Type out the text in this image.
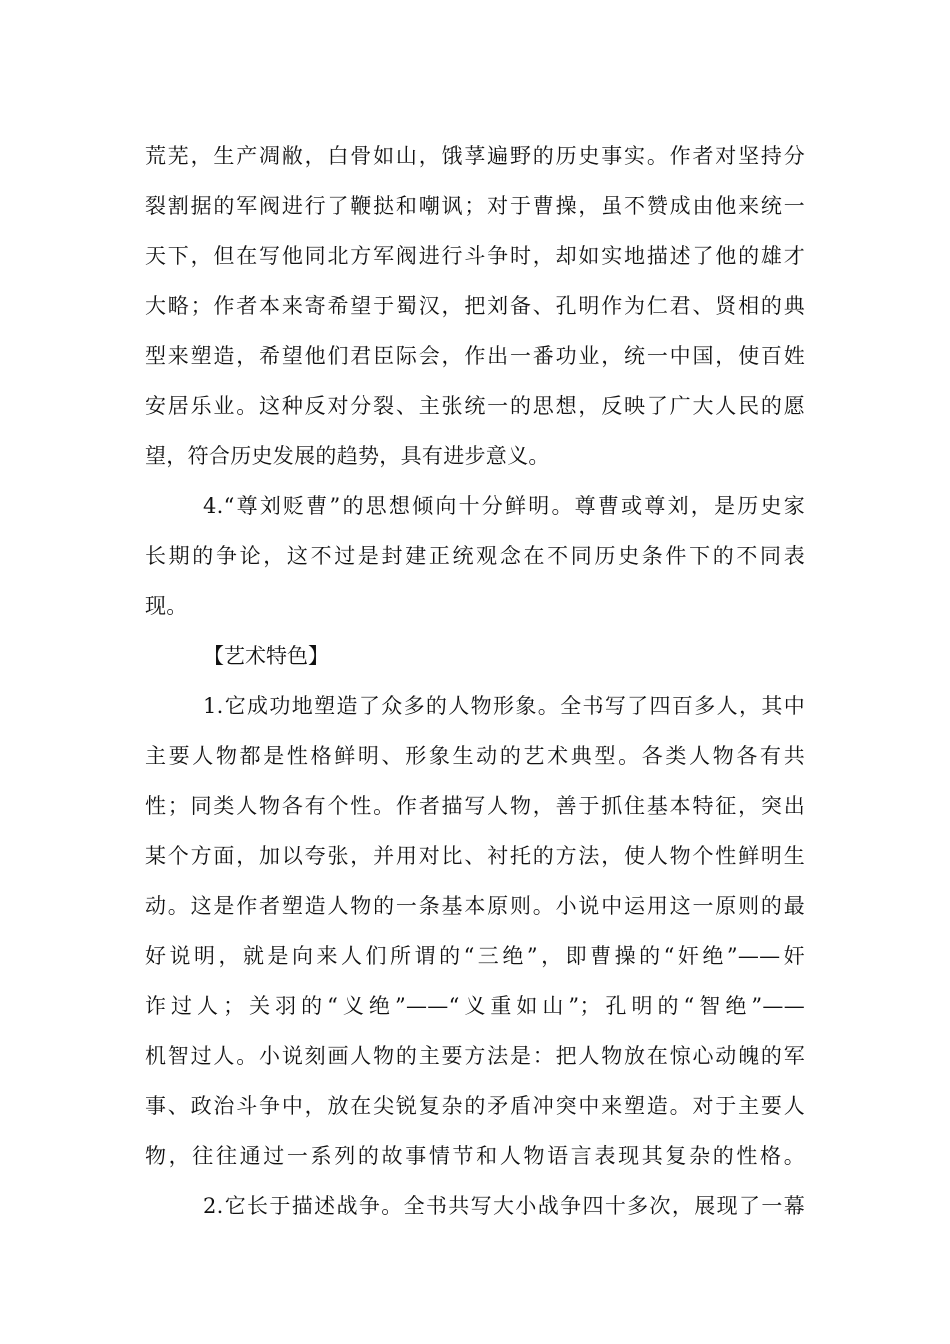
荒芜，生产凋敝，白骨如山，饿莩遍野的历史事实。作者对坚持分
裂割据的军阀进行了鞭挞和嘲讽；对于曹操，虽不赞成由他来统一
天下，但在写他同北方军阀进行斗争时，却如实地描述了他的雄才
大略；作者本来寄希望于蜀汉，把刘备、孔明作为仁君、贤相的典
型来塑造，希望他们君臣际会，作出一番功业，统一中国，使百姓
安居乐业。这种反对分裂、主张统一的思想，反映了广大人民的愿
望，符合历史发展的趋势，具有进步意义。
4.“尊刘贬曹”的思想倾向十分鲜明。尊曹或尊刘，是历史家
长期的争论，这不过是封建正统观念在不同历史条件下的不同表
现。
【艺术特色】
1.它成功地塑造了众多的人物形象。全书写了四百多人，其中
主要人物都是性格鲜明、形象生动的艺术典型。各类人物各有共
性；同类人物各有个性。作者描写人物，善于抓住基本特征，突出
某个方面，加以夸张，并用对比、衬托的方法，使人物个性鲜明生
动。这是作者塑造人物的一条基本原则。小说中运用这一原则的最
好说明，就是向来人们所谓的“三绝”，即曹操的“奸绝”——奸
诈过人；关羽的“义绝”——“义重如山”；孔明的“智绝”——
机智过人。小说刻画人物的主要方法是：把人物放在惊心动魄的军
事、政治斗争中，放在尖锐复杂的矛盾冲突中来塑造。对于主要人
物，往往通过一系列的故事情节和人物语言表现其复杂的性格。
2.它长于描述战争。全书共写大小战争四十多次，展现了一幕
